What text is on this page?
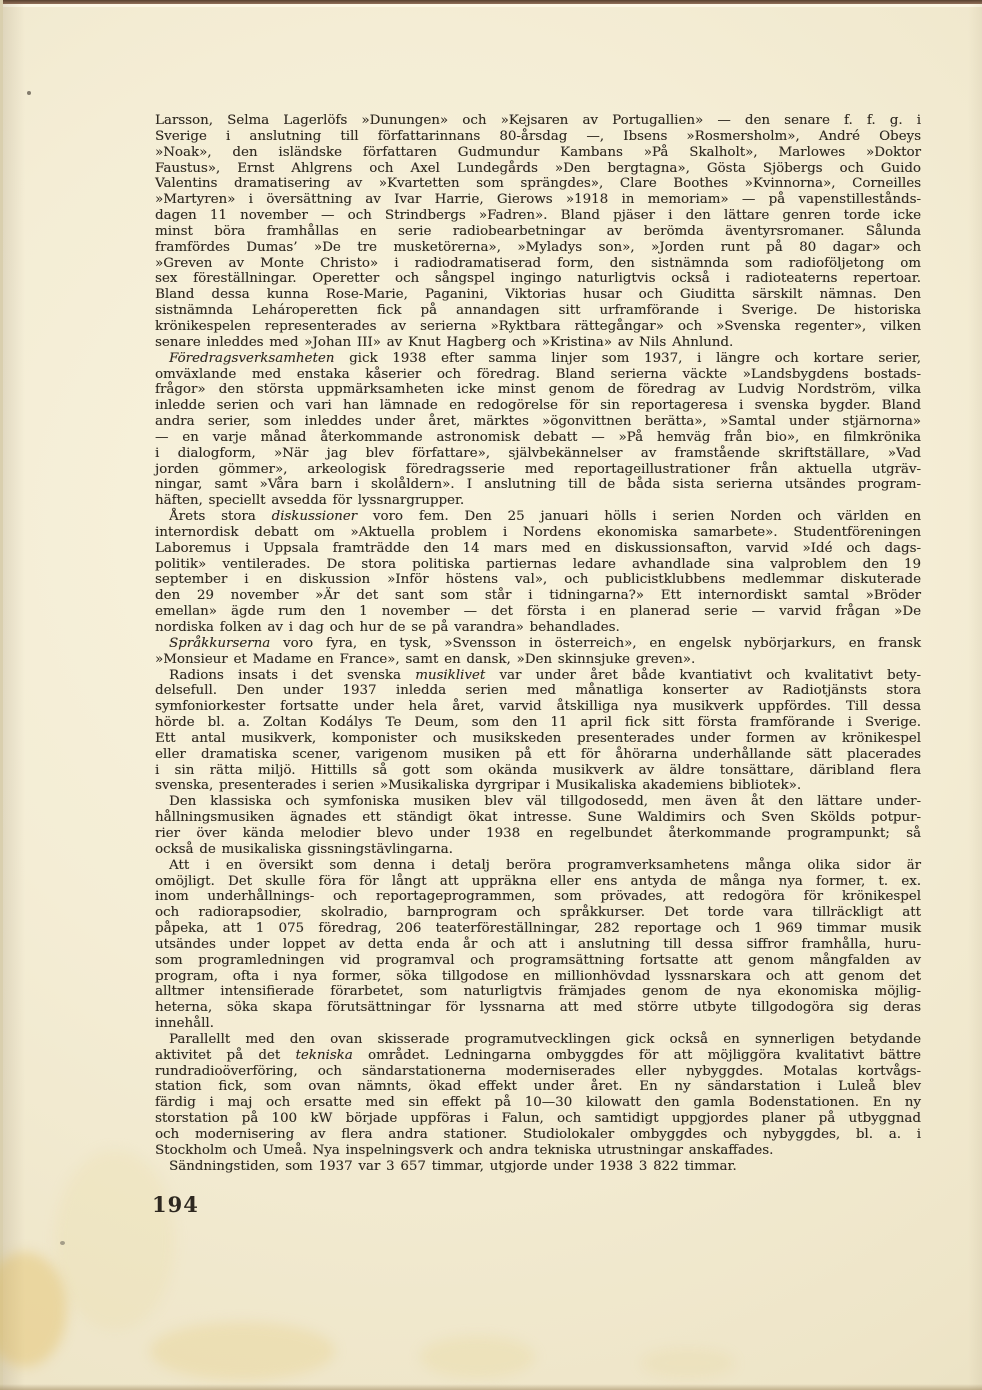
Larsson, Selma Lagerlöfs »Dunungen» och »Kejsaren av Portugallien» — den senare f. f. g. i
Sverige i anslutning till författarinnans 80-årsdag —, Ibsens »Rosmersholm», André Obeys
»Noak», den isländske författaren Gudmundur Kambans »På Skalholt», Marlowes »Doktor
Faustus», Ernst Ahlgrens och Axel Lundegårds »Den bergtagna», Gösta Sjöbergs och Guido
Valentins dramatisering av »Kvartetten som sprängdes», Clare Boothes »Kvinnorna», Corneilles
»Martyren» i översättning av Ivar Harrie, Gierows »1918 in memoriam» — på vapenstillestånds-
dagen 11 november — och Strindbergs »Fadren». Bland pjäser i den lättare genren torde icke
minst böra framhållas en serie radiobearbetningar av berömda äventyrsromaner. Sålunda
framfördes Dumas’ »De tre musketörerna», »Myladys son», »Jorden runt på 80 dagar» och
»Greven av Monte Christo» i radiodramatiserad form, den sistnämnda som radioföljetong om
sex föreställningar. Operetter och sångspel ingingo naturligtvis också i radioteaterns repertoar.
Bland dessa kunna Rose-Marie, Paganini, Viktorias husar och Giuditta särskilt nämnas. Den
sistnämnda Lehároperetten fick på annandagen sitt urframförande i Sverige. De historiska
krönikespelen representerades av serierna »Ryktbara rättegångar» och »Svenska regenter», vilken
senare inleddes med »Johan III» av Knut Hagberg och »Kristina» av Nils Ahnlund.
Föredragsverksamheten gick 1938 efter samma linjer som 1937, i längre och kortare serier,
omväxlande med enstaka kåserier och föredrag. Bland serierna väckte »Landsbygdens bostads-
frågor» den största uppmärksamheten icke minst genom de föredrag av Ludvig Nordström, vilka
inledde serien och vari han lämnade en redogörelse för sin reportageresa i svenska bygder. Bland
andra serier, som inleddes under året, märktes »ögonvittnen berätta», »Samtal under stjärnorna»
— en varje månad återkommande astronomisk debatt — »På hemväg från bio», en filmkrönika
i dialogform, »När jag blev författare», självbekännelser av framstående skriftställare, »Vad
jorden gömmer», arkeologisk föredragsserie med reportageillustrationer från aktuella utgräv-
ningar, samt »Våra barn i skolåldern». I anslutning till de båda sista serierna utsändes program-
häften, speciellt avsedda för lyssnargrupper.
Årets stora diskussioner voro fem. Den 25 januari hölls i serien Norden och världen en
internordisk debatt om »Aktuella problem i Nordens ekonomiska samarbete». Studentföreningen
Laboremus i Uppsala framträdde den 14 mars med en diskussionsafton, varvid »Idé och dags-
politik» ventilerades. De stora politiska partiernas ledare avhandlade sina valproblem den 19
september i en diskussion »Inför höstens val», och publicistklubbens medlemmar diskuterade
den 29 november »Är det sant som står i tidningarna?» Ett internordiskt samtal »Bröder
emellan» ägde rum den 1 november — det första i en planerad serie — varvid frågan »De
nordiska folken av i dag och hur de se på varandra» behandlades.
Språkkurserna voro fyra, en tysk, »Svensson in österreich», en engelsk nybörjarkurs, en fransk
»Monsieur et Madame en France», samt en dansk, »Den skinnsjuke greven».
Radions insats i det svenska musiklivet var under året både kvantiativt och kvalitativt bety-
delsefull. Den under 1937 inledda serien med månatliga konserter av Radiotjänsts stora
symfoniorkester fortsatte under hela året, varvid åtskilliga nya musikverk uppfördes. Till dessa
hörde bl. a. Zoltan Kodálys Te Deum, som den 11 april fick sitt första framförande i Sverige.
Ett antal musikverk, komponister och musikskeden presenterades under formen av krönikespel
eller dramatiska scener, varigenom musiken på ett för åhörarna underhållande sätt placerades
i sin rätta miljö. Hittills så gott som okända musikverk av äldre tonsättare, däribland flera
svenska, presenterades i serien »Musikaliska dyrgripar i Musikaliska akademiens bibliotek».
Den klassiska och symfoniska musiken blev väl tillgodosedd, men även åt den lättare under-
hållningsmusiken ägnades ett ständigt ökat intresse. Sune Waldimirs och Sven Skölds potpur-
rier över kända melodier blevo under 1938 en regelbundet återkommande programpunkt; så
också de musikaliska gissningstävlingarna.
Att i en översikt som denna i detalj beröra programverksamhetens många olika sidor är
omöjligt. Det skulle föra för långt att uppräkna eller ens antyda de många nya former, t. ex.
inom underhållnings- och reportageprogrammen, som prövades, att redogöra för krönikespel
och radiorapsodier, skolradio, barnprogram och språkkurser. Det torde vara tillräckligt att
påpeka, att 1 075 föredrag, 206 teaterföreställningar, 282 reportage och 1 969 timmar musik
utsändes under loppet av detta enda år och att i anslutning till dessa siffror framhålla, huru-
som programledningen vid programval och programsättning fortsatte att genom mångfalden av
program, ofta i nya former, söka tillgodose en millionhövdad lyssnarskara och att genom det
alltmer intensifierade förarbetet, som naturligtvis främjades genom de nya ekonomiska möjlig-
heterna, söka skapa förutsättningar för lyssnarna att med större utbyte tillgodogöra sig deras
innehåll.
Parallellt med den ovan skisserade programutvecklingen gick också en synnerligen betydande
aktivitet på det tekniska området. Ledningarna ombyggdes för att möjliggöra kvalitativt bättre
rundradioöverföring, och sändarstationerna moderniserades eller nybyggdes. Motalas kortvågs-
station fick, som ovan nämnts, ökad effekt under året. En ny sändarstation i Luleå blev
färdig i maj och ersatte med sin effekt på 10—30 kilowatt den gamla Bodenstationen. En ny
storstation på 100 kW började uppföras i Falun, och samtidigt uppgjordes planer på utbyggnad
och modernisering av flera andra stationer. Studiolokaler ombyggdes och nybyggdes, bl. a. i
Stockholm och Umeå. Nya inspelningsverk och andra tekniska utrustningar anskaffades.
Sändningstiden, som 1937 var 3 657 timmar, utgjorde under 1938 3 822 timmar.
194
